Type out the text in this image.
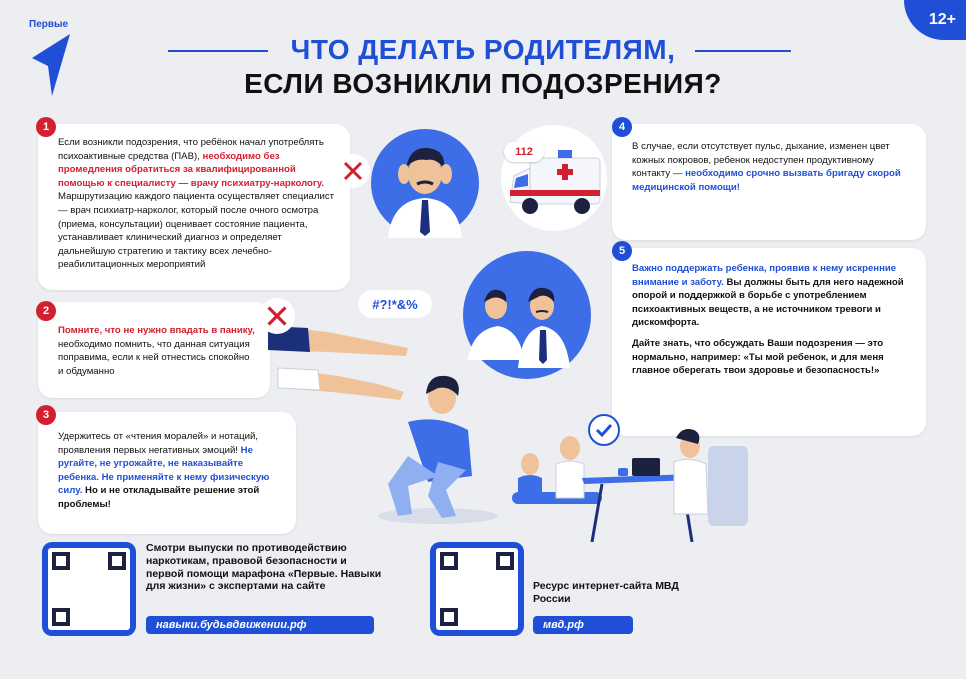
Первые	12+
ЧТО ДЕЛАТЬ РОДИТЕЛЯМ,
ЕСЛИ ВОЗНИКЛИ ПОДОЗРЕНИЯ?
Если возникли подозрения, что ребёнок начал употреблять психоактивные средства (ПАВ), необходимо без промедления обратиться за квалифицированной помощью к специалисту — врачу психиатру-наркологу. Маршрутизацию каждого пациента осуществляет специалист — врач психиатр-нарколог, который после очного осмотра (приема, консультации) оценивает состояние пациента, устанавливает клинический диагноз и определяет дальнейшую стратегию и тактику всех лечебно-реабилитационных мероприятий
1
Помните, что не нужно впадать в панику, необходимо помнить, что данная ситуация поправима, если к ней отнестись спокойно и обдуманно
2
Удержитесь от «чтения моралей» и нотаций, проявления первых негативных эмоций! Не ругайте, не угрожайте, не наказывайте ребенка. Не применяйте к нему физическую силу. Но и не откладывайте решение этой проблемы!
3
В случае, если отсутствует пульс, дыхание, изменен цвет кожных покровов, ребенок недоступен продуктивному контакту — необходимо срочно вызвать бригаду скорой медицинской помощи!
4
Важно поддержать ребенка, проявив к нему искренние внимание и заботу. Вы должны быть для него надежной опорой и поддержкой в борьбе с употреблением психоактивных веществ, а не источником тревоги и дискомфорта.
Дайте знать, что обсуждать Ваши подозрения — это нормально, например: «Ты мой ребенок, и для меня главное оберегать твои здоровье и безопасность!»
5
112
#?!*&%
Смотри выпуски по противодействию наркотикам, правовой безопасности и первой помощи марафона «Первые. Навыки для жизни» с экспертами на сайте
навыки.будьвдвижении.рф
Ресурс интернет-сайта МВД России
мвд.рф
